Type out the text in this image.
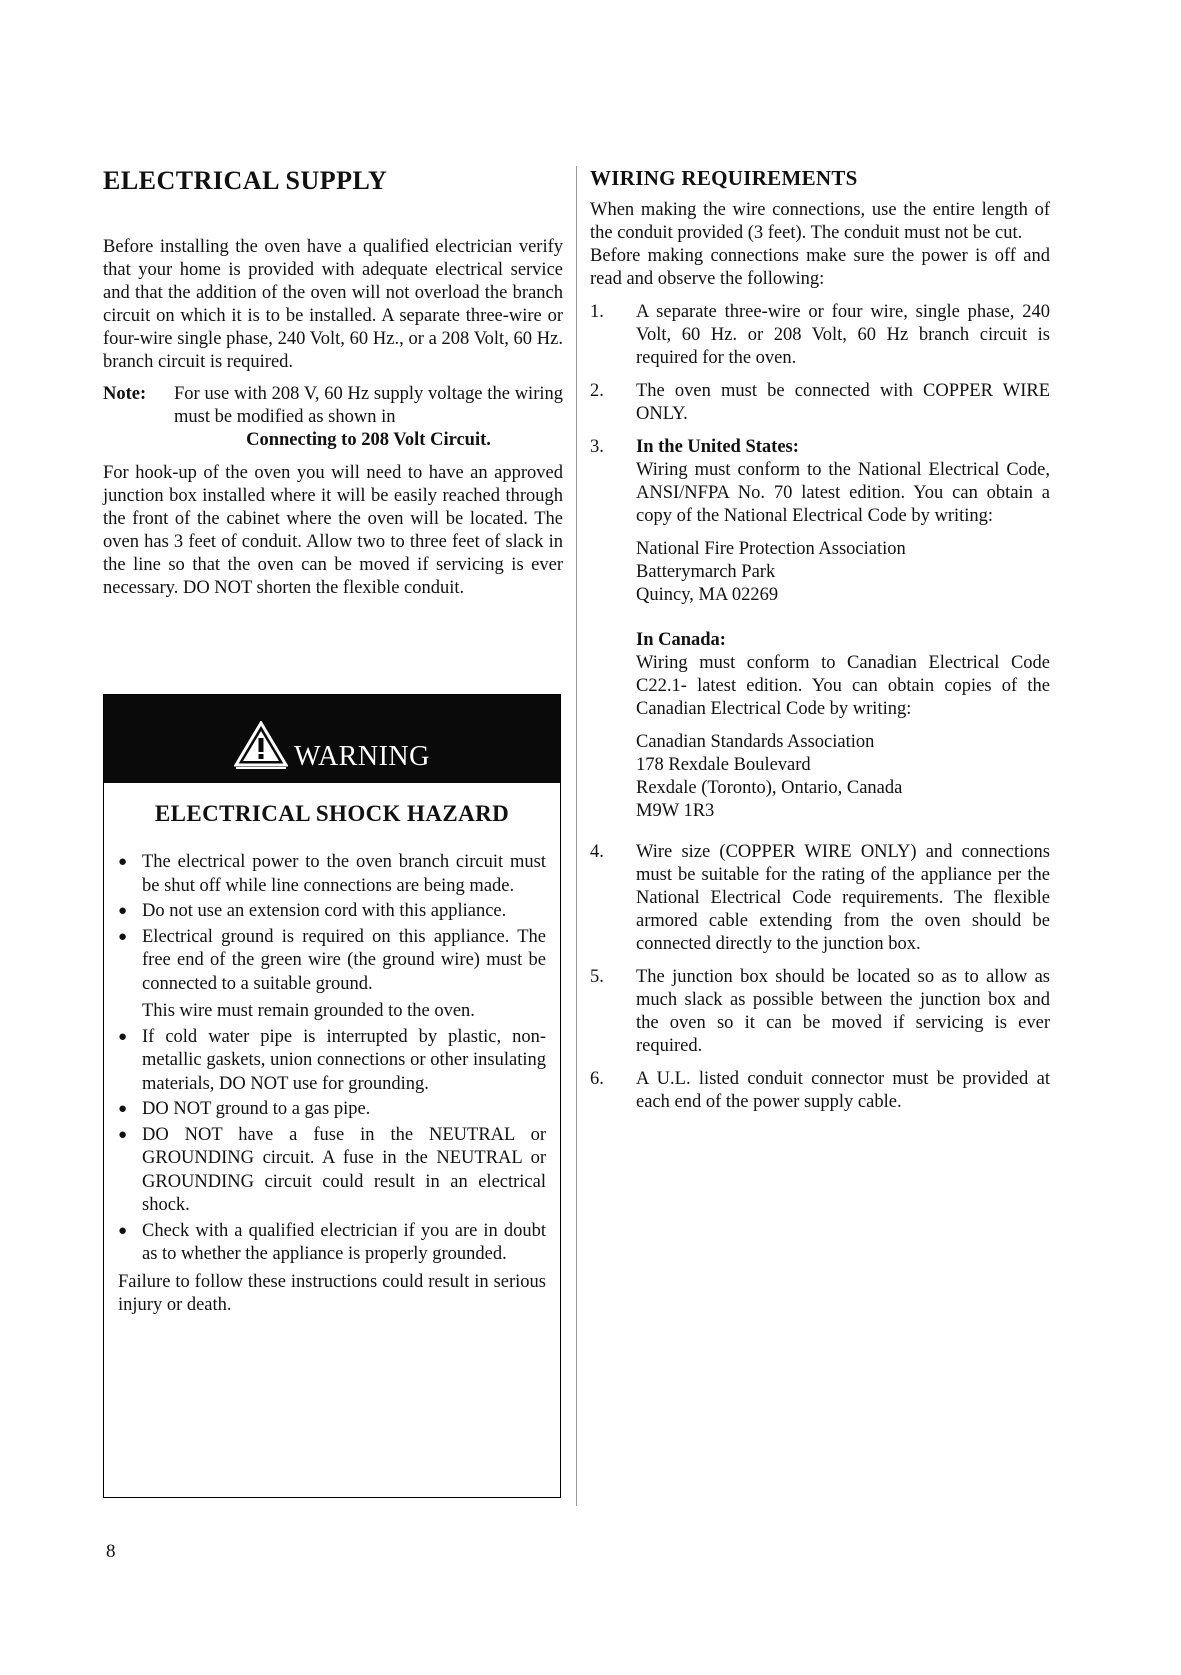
ELECTRICAL SUPPLY

Before installing the oven have a qualified electrician verify that your home is provided with adequate electrical service and that the addition of the oven will not overload the branch circuit on which it is to be installed. A separate three-wire or four-wire single phase, 240 Volt, 60 Hz., or a 208 Volt, 60 Hz. branch circuit is required.

Note:	For use with 208 V, 60 Hz supply voltage the wiring must be modified as shown in
Connecting to 208 Volt Circuit.

For hook-up of the oven you will need to have an approved junction box installed where it will be easily reached through the front of the cabinet where the oven will be located. The oven has 3 feet of conduit. Allow two to three feet of slack in the line so that the oven can be moved if servicing is ever necessary. DO NOT shorten the flexible conduit.

WARNING
ELECTRICAL SHOCK HAZARD
● The electrical power to the oven branch circuit must be shut off while line connections are being made.
● Do not use an extension cord with this appliance.
● Electrical ground is required on this appliance. The free end of the green wire (the ground wire) must be connected to a suitable ground.
This wire must remain grounded to the oven.
● If cold water pipe is interrupted by plastic, non-metallic gaskets, union connections or other insulating materials, DO NOT use for grounding.
● DO NOT ground to a gas pipe.
● DO NOT have a fuse in the NEUTRAL or GROUNDING circuit. A fuse in the NEUTRAL or GROUNDING circuit could result in an electrical shock.
● Check with a qualified electrician if you are in doubt as to whether the appliance is properly grounded.
Failure to follow these instructions could result in serious injury or death.
WIRING REQUIREMENTS

When making the wire connections, use the entire length of the conduit provided (3 feet). The conduit must not be cut.

Before making connections make sure the power is off and read and observe the following:

1.	A separate three-wire or four wire, single phase, 240 Volt, 60 Hz. or 208 Volt, 60 Hz branch circuit is required for the oven.
2.	The oven must be connected with COPPER WIRE ONLY.
3.	In the United States:
Wiring must conform to the National Electrical Code, ANSI/NFPA No. 70 latest edition. You can obtain a copy of the National Electrical Code by writing:
National Fire Protection Association
Batterymarch Park
Quincy, MA 02269
In Canada:
Wiring must conform to Canadian Electrical Code C22.1- latest edition. You can obtain copies of the Canadian Electrical Code by writing:
Canadian Standards Association
178 Rexdale Boulevard
Rexdale (Toronto), Ontario, Canada
M9W 1R3
4.	Wire size (COPPER WIRE ONLY) and connections must be suitable for the rating of the appliance per the National Electrical Code requirements. The flexible armored cable extending from the oven should be connected directly to the junction box.
5.	The junction box should be located so as to allow as much slack as possible between the junction box and the oven so it can be moved if servicing is ever required.
6.	A U.L. listed conduit connector must be provided at each end of the power supply cable.
8
